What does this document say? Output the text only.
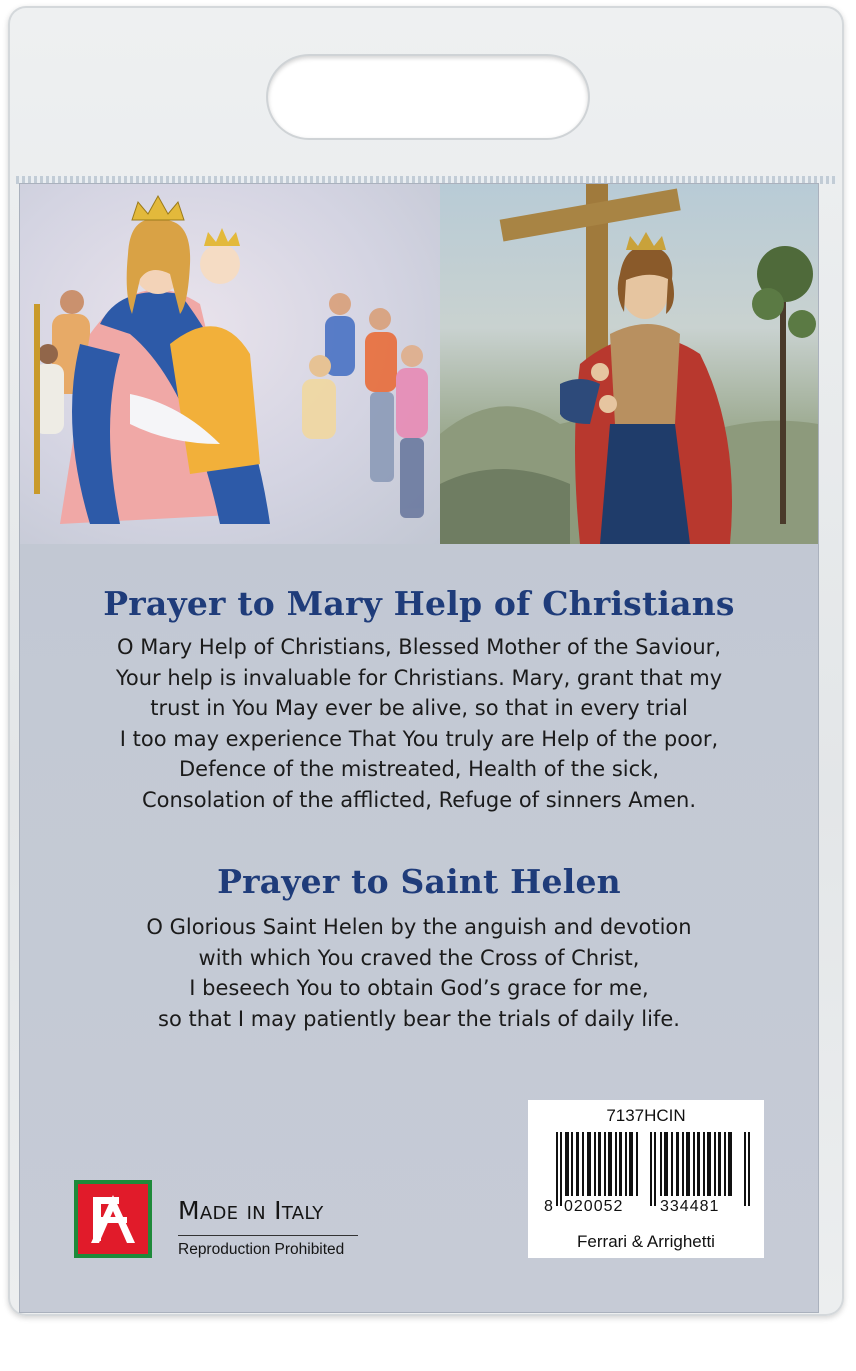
Prayer to Mary Help of Christians
O Mary Help of Christians, Blessed Mother of the Saviour,
Your help is invaluable for Christians. Mary, grant that my
trust in You May ever be alive, so that in every trial
I too may experience That You truly are Help of the poor,
Defence of the mistreated, Health of the sick,
Consolation of the afflicted, Refuge of sinners Amen.
Prayer to Saint Helen
O Glorious Saint Helen by the anguish and devotion
with which You craved the Cross of Christ,
I beseech You to obtain God’s grace for me,
so that I may patiently bear the trials of daily life.
Made in Italy
Reproduction Prohibited
7137HCIN
8 020052 334481
Ferrari & Arrighetti
